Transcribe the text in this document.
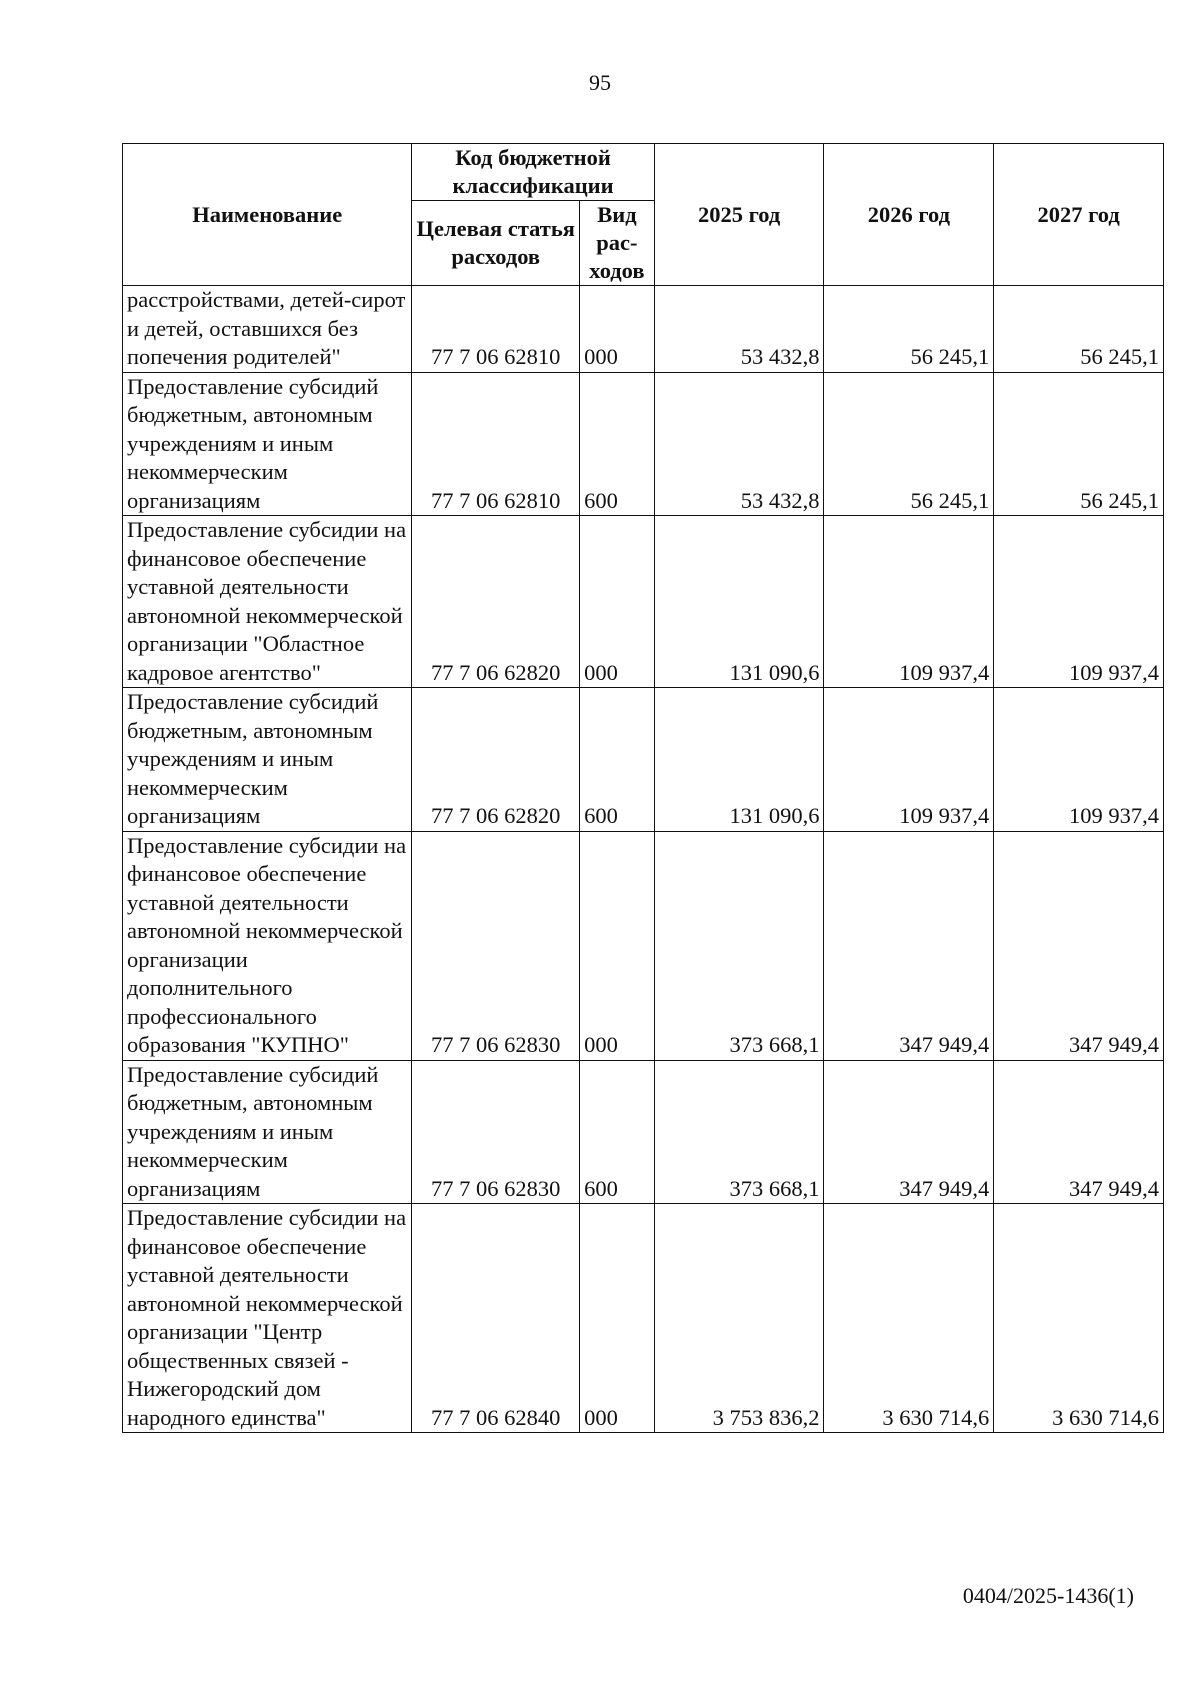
95
Наименование	Код бюджетной классификации		2025 год	2026 год	2027 год
	Целевая статья расходов	Вид рас- ходов			
расстройствами, детей-сирот и детей, оставшихся без попечения родителей"	77 7 06 62810	000	53 432,8	56 245,1	56 245,1
Предоставление субсидий бюджетным, автономным учреждениям и иным некоммерческим организациям	77 7 06 62810	600	53 432,8	56 245,1	56 245,1
Предоставление субсидии на финансовое обеспечение уставной деятельности автономной некоммерческой организации "Областное кадровое агентство"	77 7 06 62820	000	131 090,6	109 937,4	109 937,4
Предоставление субсидий бюджетным, автономным учреждениям и иным некоммерческим организациям	77 7 06 62820	600	131 090,6	109 937,4	109 937,4
Предоставление субсидии на финансовое обеспечение уставной деятельности автономной некоммерческой организации дополнительного профессионального образования "КУПНО"	77 7 06 62830	000	373 668,1	347 949,4	347 949,4
Предоставление субсидий бюджетным, автономным учреждениям и иным некоммерческим организациям	77 7 06 62830	600	373 668,1	347 949,4	347 949,4
Предоставление субсидии на финансовое обеспечение уставной деятельности автономной некоммерческой организации "Центр общественных связей - Нижегородский дом народного единства"	77 7 06 62840	000	3 753 836,2	3 630 714,6	3 630 714,6
0404/2025-1436(1)
